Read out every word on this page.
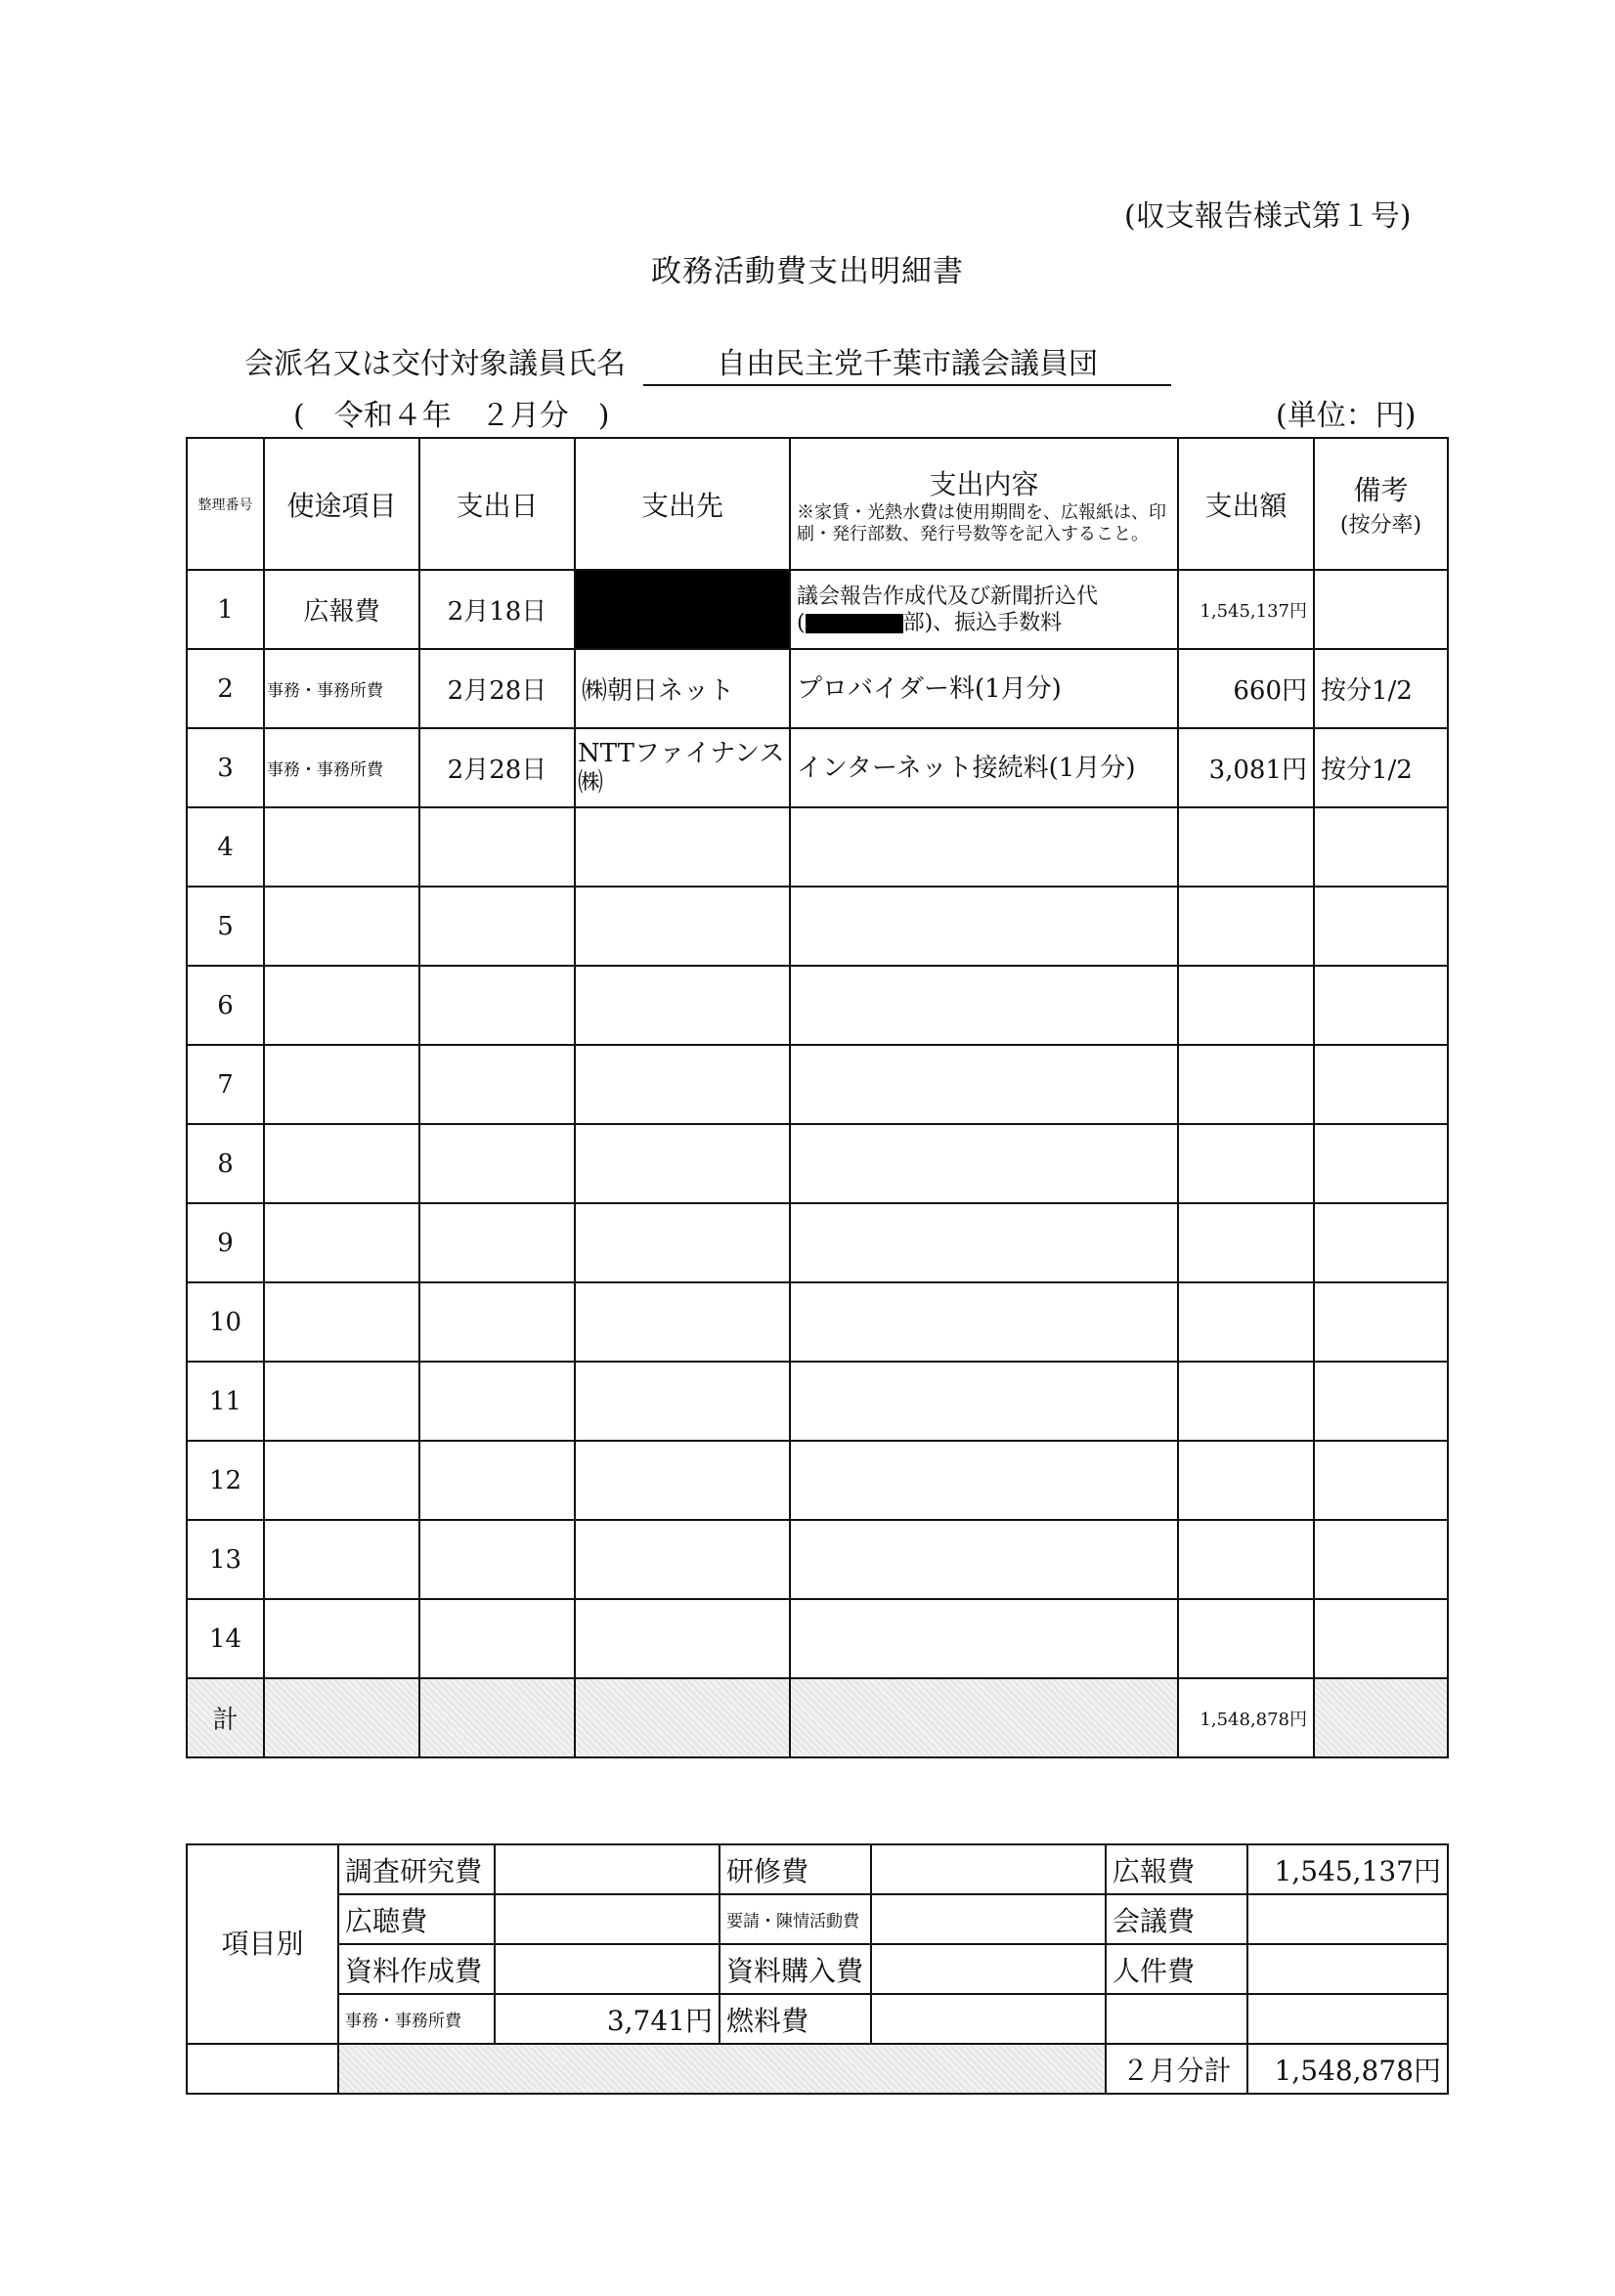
(収支報告様式第１号)
政務活動費支出明細書
会派名又は交付対象議員氏名	自由民主党千葉市議会議員団
(　令和４年　２月分　)	(単位：円)
整理番号	使途項目	支出日	支出先	支出内容
※家賃・光熱水費は使用期間を、広報紙は、印刷・発行部数、発行号数等を記入すること。	支出額	備考
(按分率)

1	広報費	2月18日		議会報告作成代及び新聞折込代
( 部)、振込手数料	1,545,137円	
2	事務・事務所費	2月28日	㈱朝日ネット	プロバイダー料(1月分)	660円	按分1/2
3	事務・事務所費	2月28日	NTTファイナンス㈱	インターネット接続料(1月分)	3,081円	按分1/2
4						
5						
6						
7						
8						
9						
10						
11						
12						
13						
14						
計					1,548,878円	
項目別	調査研究費		研修費		広報費	1,545,137円
	広聴費		要請・陳情活動費		会議費	
	資料作成費		資料購入費		人件費	
	事務・事務所費	3,741円	燃料費			
					２月分計	1,548,878円
